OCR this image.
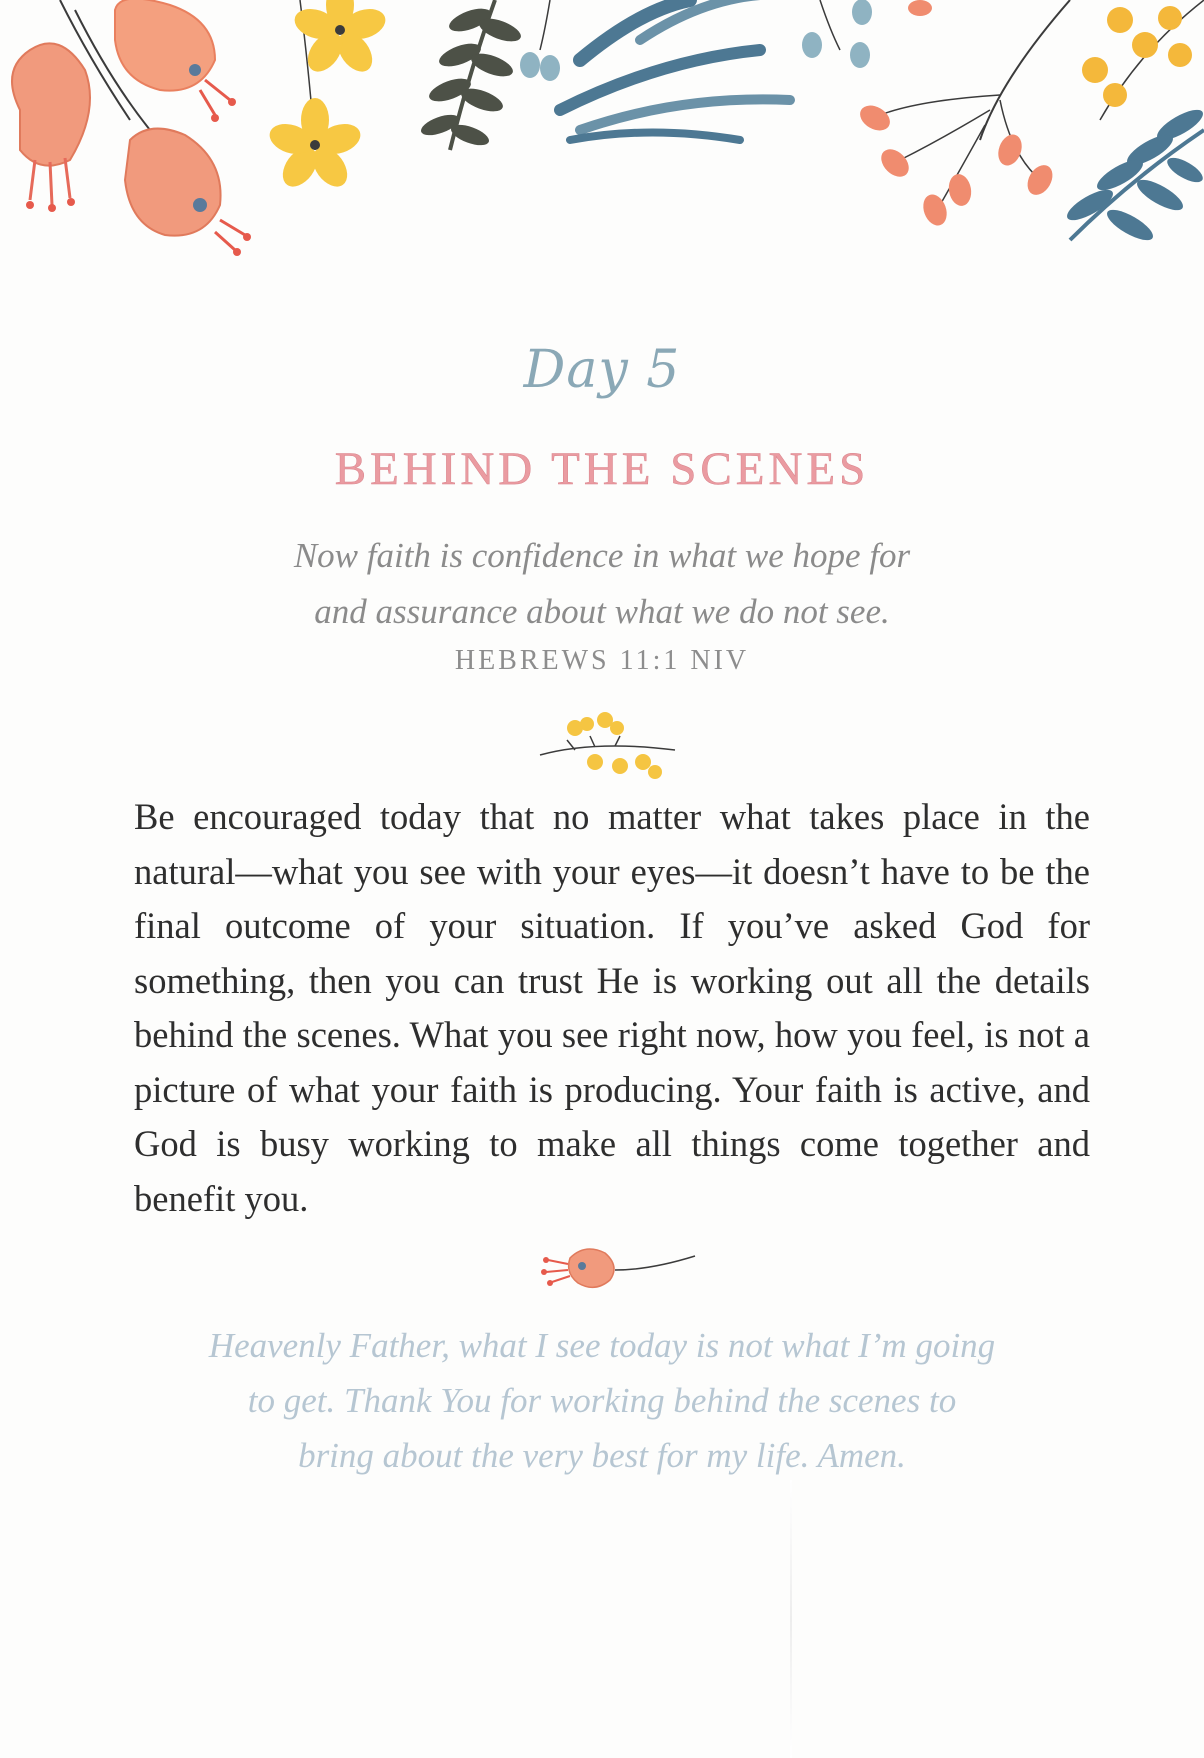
Day 5
BEHIND THE SCENES
Now faith is confidence in what we hope for
and assurance about what we do not see.
HEBREWS 11:1 NIV
Be encouraged today that no matter what takes place in the natural—what you see with your eyes—it doesn’t have to be the final outcome of your situation. If you’ve asked God for something, then you can trust He is working out all the details behind the scenes. What you see right now, how you feel, is not a picture of what your faith is producing. Your faith is active, and God is busy working to make all things come together and benefit you.
Heavenly Father, what I see today is not what I’m going
to get. Thank You for working behind the scenes to
bring about the very best for my life. Amen.
